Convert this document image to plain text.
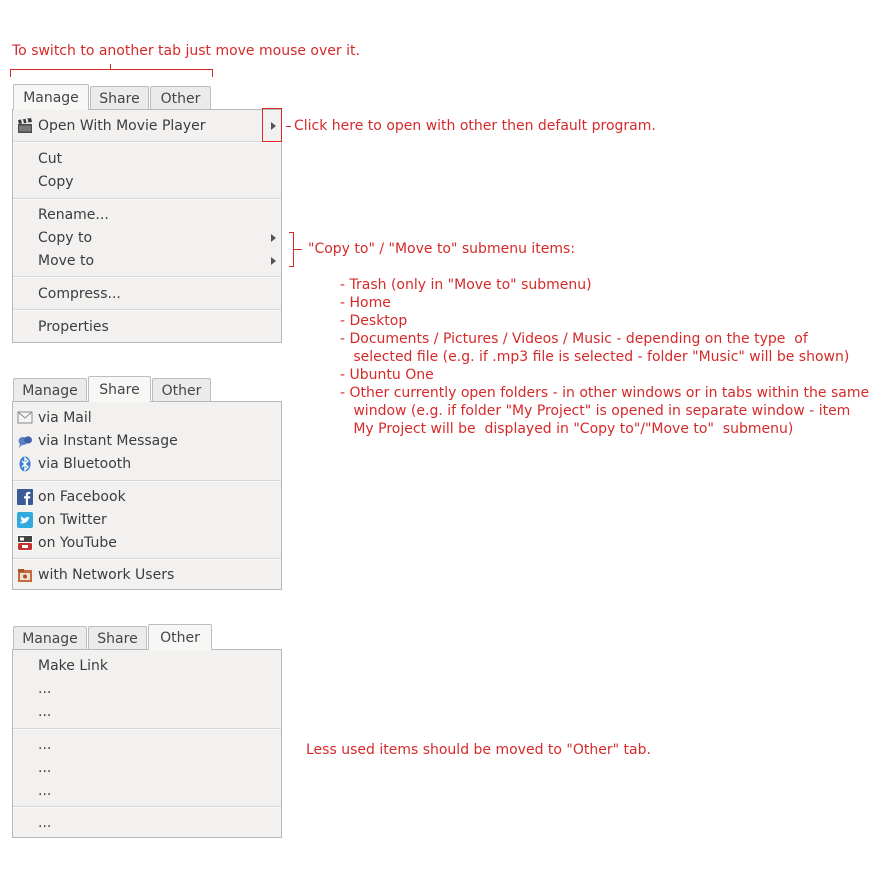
To switch to another tab just move mouse over it.
Manage	Share	Other
Open With Movie Player
Cut
Copy
Rename...
Copy to
Move to
Compress...
Properties
Click here to open with other then default program.
"Copy to" / "Move to" submenu items:
- Trash (only in "Move to" submenu)
- Home
- Desktop
- Documents / Pictures / Videos / Music - depending on the type  of
selected file (e.g. if .mp3 file is selected - folder "Music" will be shown)
- Ubuntu One
- Other currently open folders - in other windows or in tabs within the same
window (e.g. if folder "My Project" is opened in separate window - item
My Project will be  displayed in "Copy to"/"Move to"  submenu)
Manage	Share	Other
via Mail
via Instant Message
via Bluetooth
on Facebook
on Twitter
on YouTube
with Network Users
Manage	Share	Other
Make Link
...
...
...
...
...
...
Less used items should be moved to "Other" tab.
